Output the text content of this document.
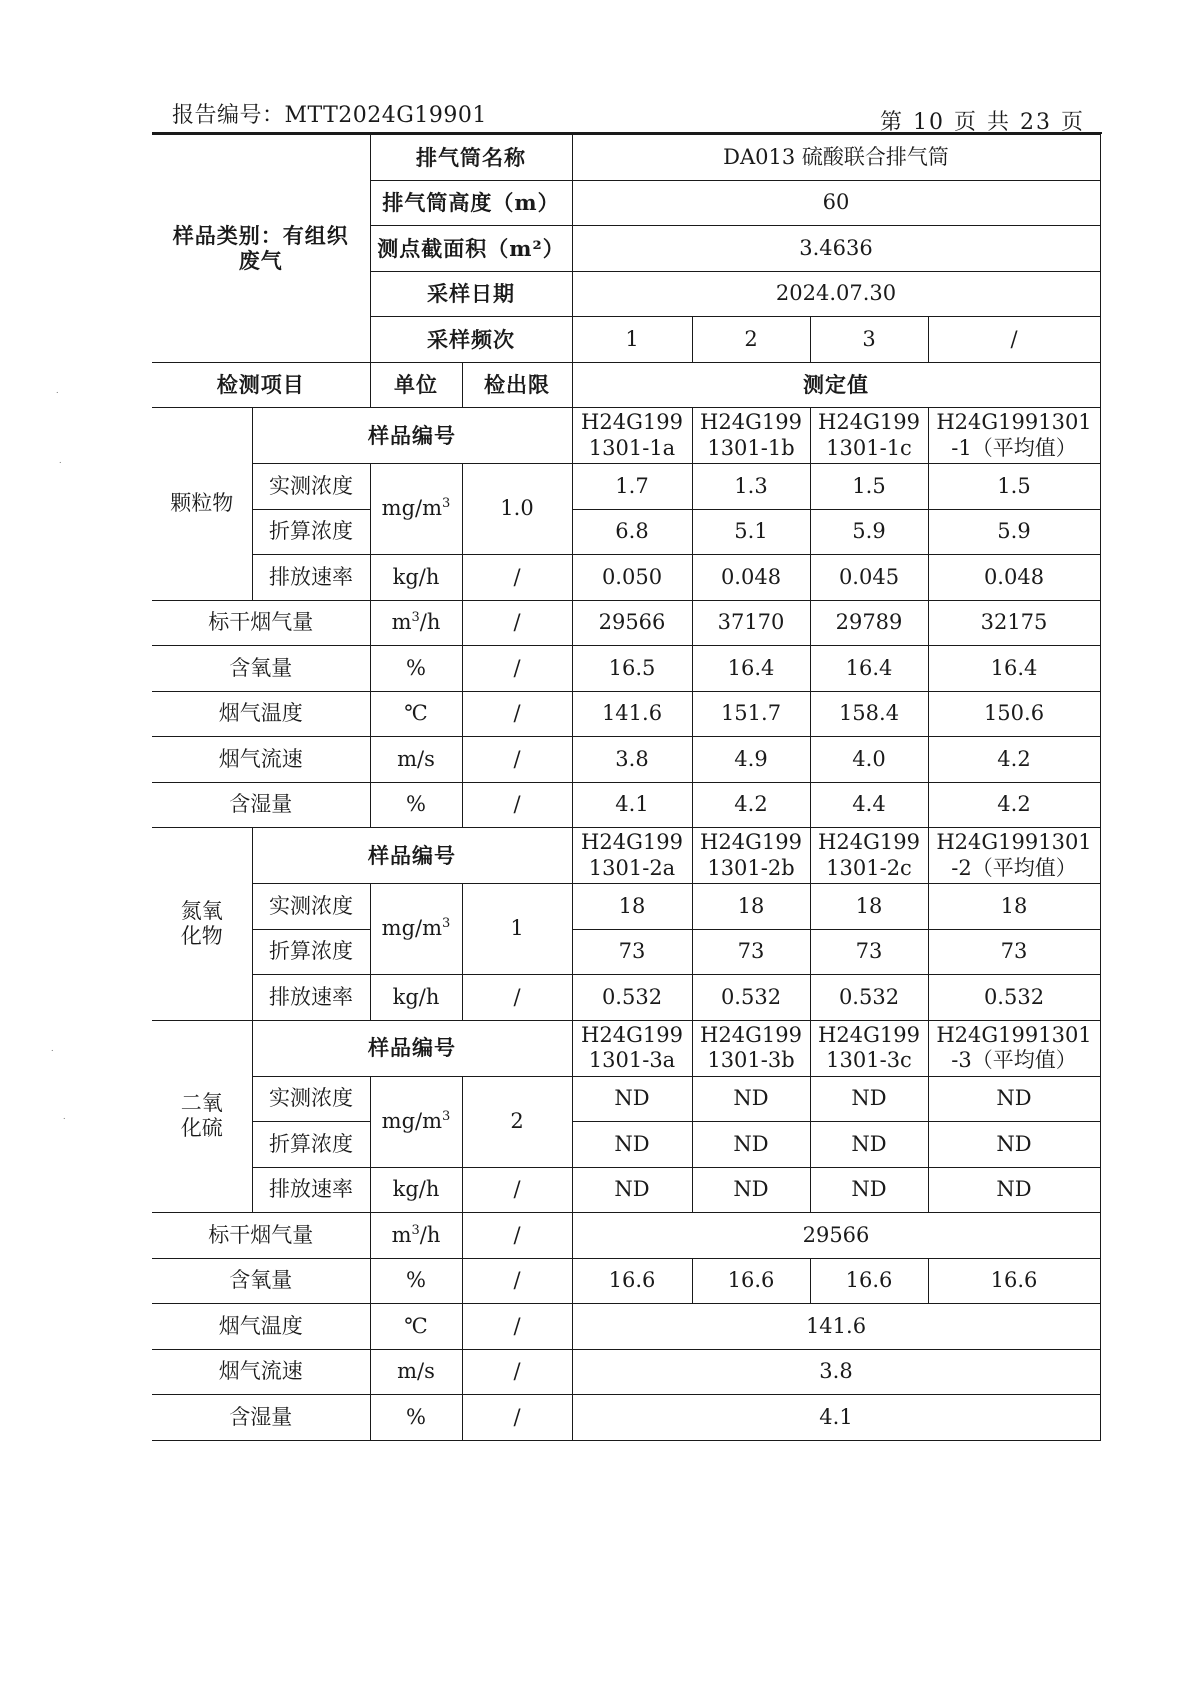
报告编号：MTT2024G19901	第 10 页 共 23 页
˙
˙
˙
˙
样品类别：有组织废气		排气筒名称		DA013 硫酸联合排气筒			
		排气筒高度（m）		60			
		测点截面积（m²）		3.4636			
		采样日期		2024.07.30			
		采样频次		1	2	3	/
检测项目		单位	检出限	测定值			
颗粒物	样品编号			H24G199 1301-1a	H24G199 1301-1b	H24G199 1301-1c	H24G1991301 -1（平均值）
	实测浓度	$mg/m^3$	1.0	1.7	1.3	1.5	1.5
	折算浓度			6.8	5.1	5.9	5.9
	排放速率	kg/h	/	0.050	0.048	0.045	0.048
标干烟气量		$m^3/h$	/	29566	37170	29789	32175
含氧量		%	/	16.5	16.4	16.4	16.4
烟气温度		℃	/	141.6	151.7	158.4	150.6
烟气流速		m/s	/	3.8	4.9	4.0	4.2
含湿量		%	/	4.1	4.2	4.4	4.2
氮氧化物	样品编号			H24G199 1301-2a	H24G199 1301-2b	H24G199 1301-2c	H24G1991301 -2（平均值）
	实测浓度	$mg/m^3$	1	18	18	18	18
	折算浓度			73	73	73	73
	排放速率	kg/h	/	0.532	0.532	0.532	0.532
二氧化硫	样品编号			H24G199 1301-3a	H24G199 1301-3b	H24G199 1301-3c	H24G1991301 -3（平均值）
	实测浓度	$mg/m^3$	2	ND	ND	ND	ND
	折算浓度			ND	ND	ND	ND
	排放速率	kg/h	/	ND	ND	ND	ND
标干烟气量		$m^3/h$	/	29566			
含氧量		%	/	16.6	16.6	16.6	16.6
烟气温度		℃	/	141.6			
烟气流速		m/s	/	3.8			
含湿量		%	/	4.1			
